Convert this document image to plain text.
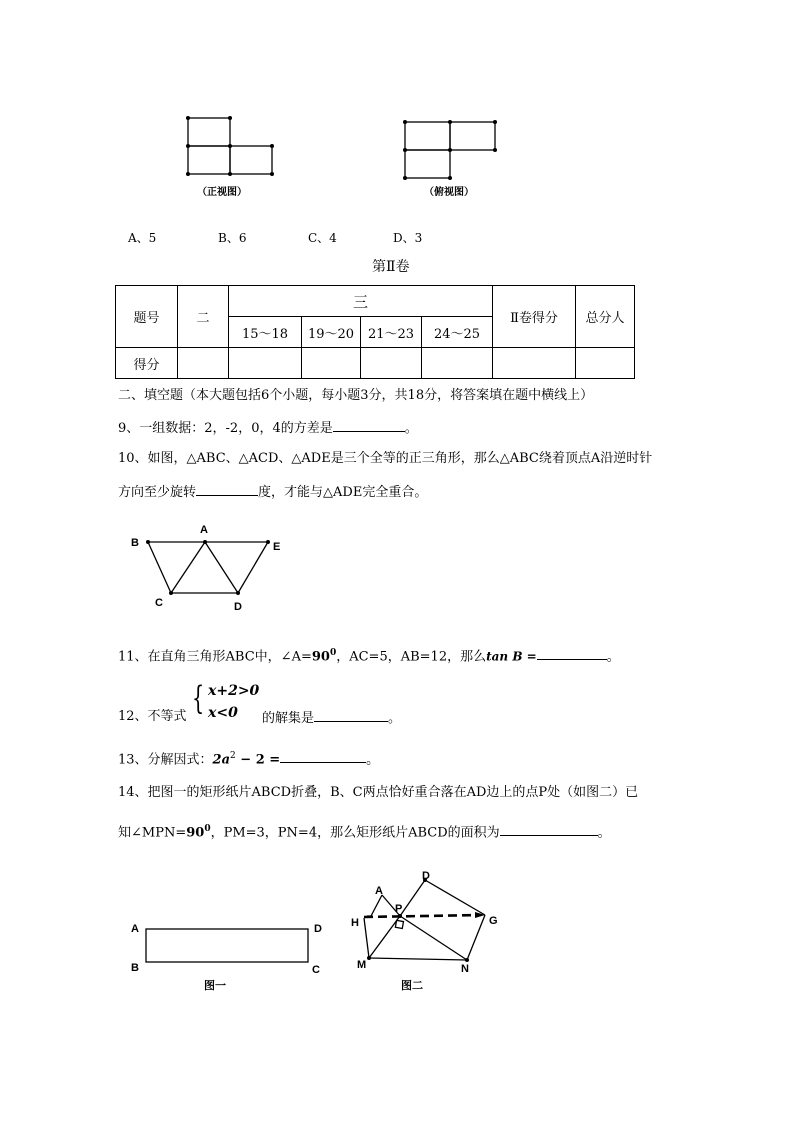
（正视图）	（俯视图）
A、5	B、6	C、4	D、3
第Ⅱ卷
题号	二	三				Ⅱ卷得分	总分人
		15～18	19～20	21～23	24～25		
得分							
二、填空题（本大题包括6个小题，每小题3分，共18分，将答案填在题中横线上）
9、一组数据：2，-2，0，4的方差是	。
10、如图，△ABC、△ACD、△ADE是三个全等的正三角形，那么△ABC绕着顶点A沿逆时针
方向至少旋转	度，才能与△ADE完全重合。
B
A
E
C	D
11、在直角三角形ABC中，$\angle A=90^0$，AC=5，AB=12，那么tan B =	。
12、不等式 { x+2>0
x<0 的解集是	。
13、分解因式：$2a^2 - 2$ =	。
14、把图一的矩形纸片ABCD折叠，B、C两点恰好重合落在AD边上的点P处（如图二）已
知$\angle MPN=90^0$，PM=3，PN=4，那么矩形纸片ABCD的面积为	。
A
B
D
C
图一
A
D
H
P
G
M	N
图二
